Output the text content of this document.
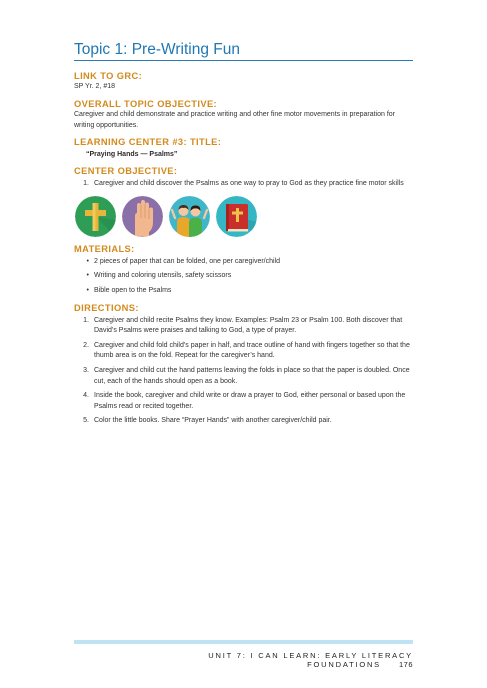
Topic 1: Pre-Writing Fun

LINK TO GRC:

SP Yr. 2, #18

OVERALL TOPIC OBJECTIVE:

Caregiver and child demonstrate and practice writing and other fine motor movements in preparation for writing opportunities.

LEARNING CENTER #3: TITLE:

“Praying Hands — Psalms”

CENTER OBJECTIVE:

1. Caregiver and child discover the Psalms as one way to pray to God as they practice fine motor skills

MATERIALS:

• 2 pieces of paper that can be folded, one per caregiver/child
• Writing and coloring utensils, safety scissors
• Bible open to the Psalms

DIRECTIONS:

1. Caregiver and child recite Psalms they know. Examples: Psalm 23 or Psalm 100. Both discover that David’s Psalms were praises and talking to God, a type of prayer.
2. Caregiver and child fold child’s paper in half, and trace outline of hand with fingers together so that the thumb area is on the fold. Repeat for the caregiver’s hand.
3. Caregiver and child cut the hand patterns leaving the folds in place so that the paper is doubled. Once cut, each of the hands should open as a book.
4. Inside the book, caregiver and child write or draw a prayer to God, either personal or based upon the Psalms read or recited together.
5. Color the little books. Share “Prayer Hands” with another caregiver/child pair.
UNIT 7: I CAN LEARN: EARLY LITERACY FOUNDATIONS 176
